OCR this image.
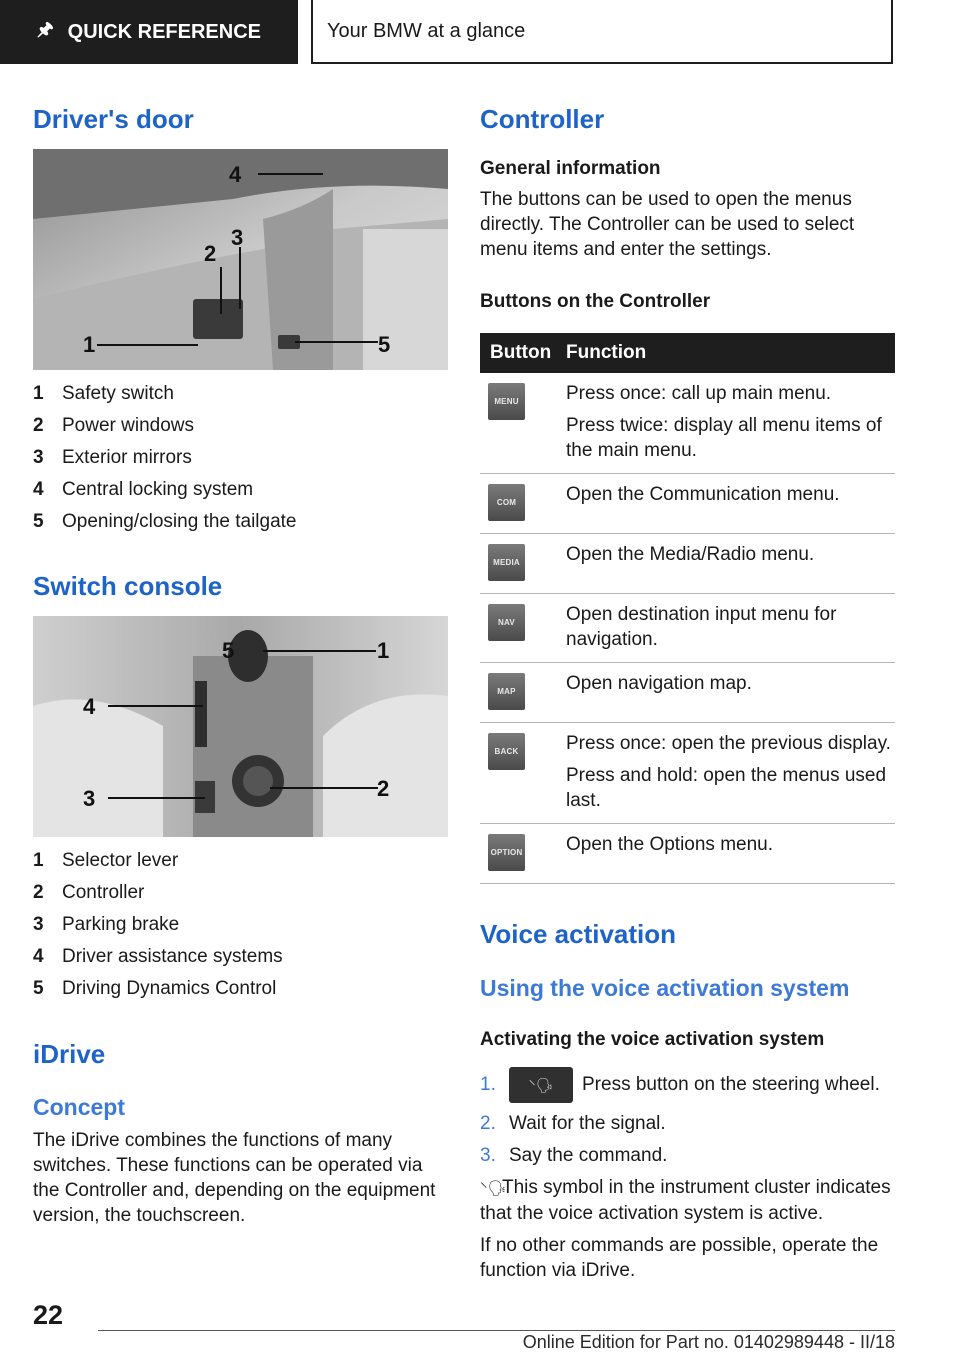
🖈︎ QUICK REFERENCE	Your BMW at a glance
Driver's door
4
2
3
1	5
1 Safety switch
2 Power windows
3 Exterior mirrors
4 Central locking system
5 Opening/closing the tailgate
Switch console
5	1
4
3	2
1 Selector lever
2 Controller
3 Parking brake
4 Driver assistance systems
5 Driving Dynamics Control
iDrive
Concept

The iDrive combines the functions of many switches. These functions can be operated via the Controller and, depending on the equipment version, the touchscreen.

Controller

General information

The buttons can be used to open the menus directly. The Controller can be used to select menu items and enter the settings.

Buttons on the Controller

Button	Function

MENU	Press once: call up main menu.

Press twice: display all menu items of the main menu.

COM	Open the Communication menu.

MEDIA	Open the Media/Radio menu.

NAV	Open destination input menu for navigation.

MAP	Open navigation map.

BACK	Press once: open the previous display.

Press and hold: open the menus used last.

OPTION	Open the Options menu.

Voice activation
Using the voice activation system

Activating the voice activation system

1.	⸌🗣︎	Press button on the steering wheel.
2. Wait for the signal.
3. Say the command.

⸌🗣︎This symbol in the instrument cluster indicates that the voice activation system is active.

If no other commands are possible, operate the function via iDrive.

22

Online Edition for Part no. 01402989448 - II/18
